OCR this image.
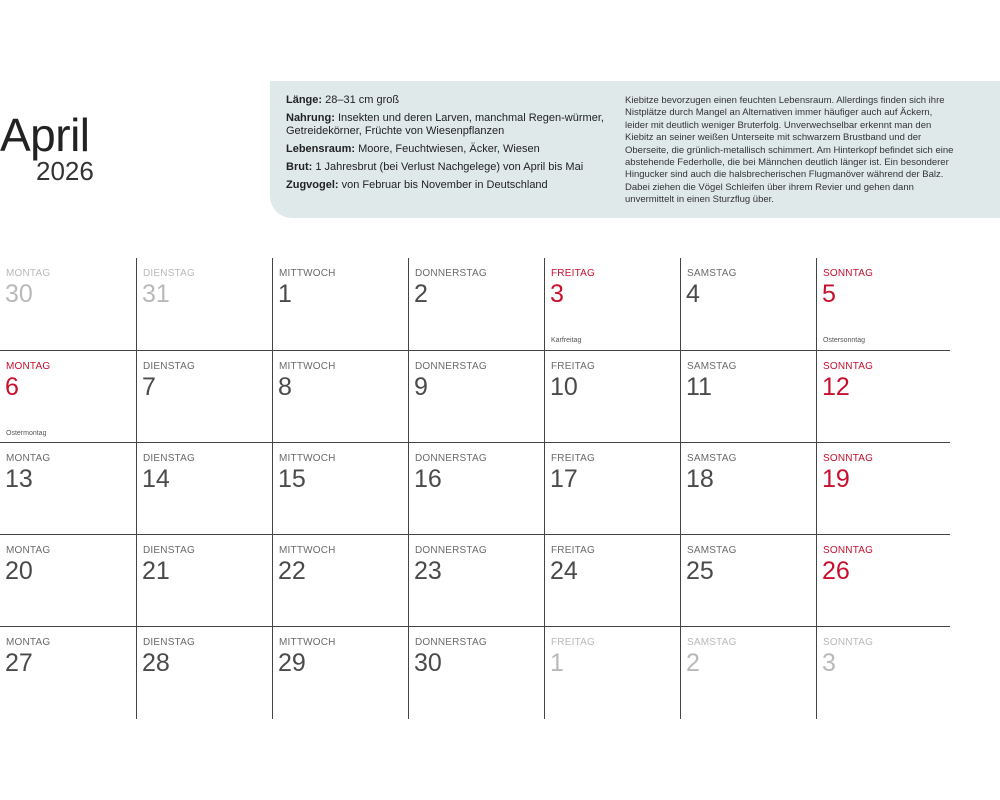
April
2026
Länge: 28–31 cm groß
Nahrung: Insekten und deren Larven, manchmal Regen-würmer, Getreidekörner, Früchte von Wiesenpflanzen
Lebensraum: Moore, Feuchtwiesen, Äcker, Wiesen
Brut: 1 Jahresbrut (bei Verlust Nachgelege) von April bis Mai
Zugvogel: von Februar bis November in Deutschland
Kiebitze bevorzugen einen feuchten Lebensraum. Allerdings finden sich ihre Nistplätze durch Mangel an Alternativen immer häufiger auch auf Äckern, leider mit deutlich weniger Bruterfolg. Unverwechselbar erkennt man den Kiebitz an seiner weißen Unterseite mit schwarzem Brustband und der Oberseite, die grünlich-metallisch schimmert. Am Hinterkopf befindet sich eine abstehende Federholle, die bei Männchen deutlich länger ist. Ein besonderer Hingucker sind auch die halsbrecherischen Flugmanöver während der Balz. Dabei ziehen die Vögel Schleifen über ihrem Revier und gehen dann unvermittelt in einen Sturzflug über.
MONTAG
30
DIENSTAG
31
MITTWOCH
1
DONNERSTAG
2
FREITAG
3
Karfreitag
SAMSTAG
4
SONNTAG
5
Ostersonntag
MONTAG
6
Ostermontag
DIENSTAG
7
MITTWOCH
8
DONNERSTAG
9
FREITAG
10
SAMSTAG
11
SONNTAG
12
MONTAG
13
DIENSTAG
14
MITTWOCH
15
DONNERSTAG
16
FREITAG
17
SAMSTAG
18
SONNTAG
19
MONTAG
20
DIENSTAG
21
MITTWOCH
22
DONNERSTAG
23
FREITAG
24
SAMSTAG
25
SONNTAG
26
MONTAG
27
DIENSTAG
28
MITTWOCH
29
DONNERSTAG
30
FREITAG
1
SAMSTAG
2
SONNTAG
3
